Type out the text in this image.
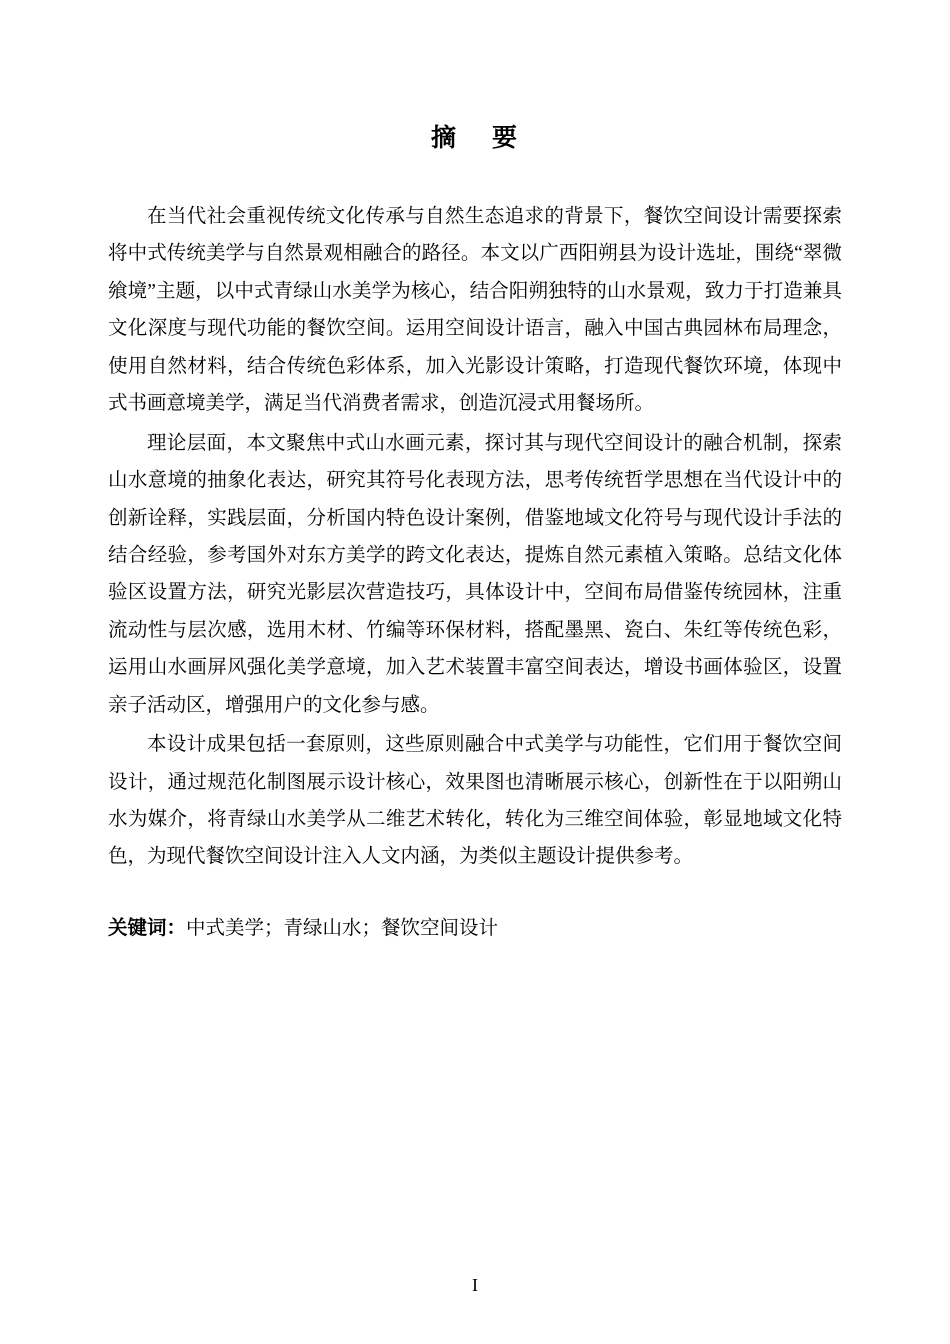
摘 要

在当代社会重视传统文化传承与自然生态追求的背景下，餐饮空间设计需要探索将中式传统美学与自然景观相融合的路径。本文以广西阳朔县为设计选址，围绕“翠微飨境”主题，以中式青绿山水美学为核心，结合阳朔独特的山水景观，致力于打造兼具文化深度与现代功能的餐饮空间。运用空间设计语言，融入中国古典园林布局理念，使用自然材料，结合传统色彩体系，加入光影设计策略，打造现代餐饮环境，体现中式书画意境美学，满足当代消费者需求，创造沉浸式用餐场所。

理论层面，本文聚焦中式山水画元素，探讨其与现代空间设计的融合机制，探索山水意境的抽象化表达，研究其符号化表现方法，思考传统哲学思想在当代设计中的创新诠释，实践层面，分析国内特色设计案例，借鉴地域文化符号与现代设计手法的结合经验，参考国外对东方美学的跨文化表达，提炼自然元素植入策略。总结文化体验区设置方法，研究光影层次营造技巧，具体设计中，空间布局借鉴传统园林，注重流动性与层次感，选用木材、竹编等环保材料，搭配墨黑、瓷白、朱红等传统色彩，运用山水画屏风强化美学意境，加入艺术装置丰富空间表达，增设书画体验区，设置亲子活动区，增强用户的文化参与感。

本设计成果包括一套原则，这些原则融合中式美学与功能性，它们用于餐饮空间设计，通过规范化制图展示设计核心，效果图也清晰展示核心，创新性在于以阳朔山水为媒介，将青绿山水美学从二维艺术转化，转化为三维空间体验，彰显地域文化特色，为现代餐饮空间设计注入人文内涵，为类似主题设计提供参考。

关键词：中式美学；青绿山水；餐饮空间设计

I
